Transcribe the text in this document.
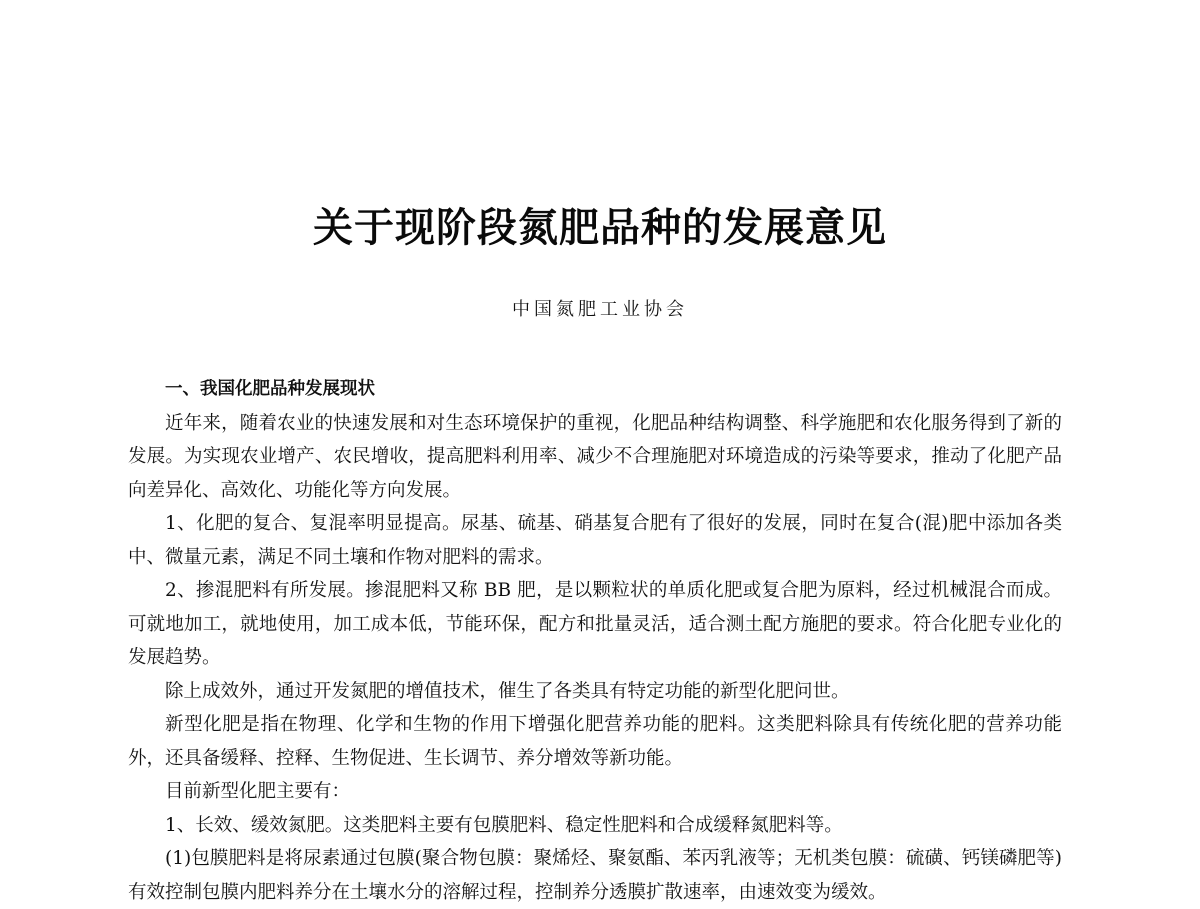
关于现阶段氮肥品种的发展意见
中国氮肥工业协会

一、我国化肥品种发展现状

近年来，随着农业的快速发展和对生态环境保护的重视，化肥品种结构调整、科学施肥和农化服务得到了新的发展。为实现农业增产、农民增收，提高肥料利用率、减少不合理施肥对环境造成的污染等要求，推动了化肥产品向差异化、高效化、功能化等方向发展。

1、化肥的复合、复混率明显提高。尿基、硫基、硝基复合肥有了很好的发展，同时在复合(混)肥中添加各类中、微量元素，满足不同土壤和作物对肥料的需求。

2、掺混肥料有所发展。掺混肥料又称 BB 肥，是以颗粒状的单质化肥或复合肥为原料，经过机械混合而成。可就地加工，就地使用，加工成本低，节能环保，配方和批量灵活，适合测土配方施肥的要求。符合化肥专业化的发展趋势。

除上成效外，通过开发氮肥的增值技术，催生了各类具有特定功能的新型化肥问世。

新型化肥是指在物理、化学和生物的作用下增强化肥营养功能的肥料。这类肥料除具有传统化肥的营养功能外，还具备缓释、控释、生物促进、生长调节、养分增效等新功能。

目前新型化肥主要有：

1、长效、缓效氮肥。这类肥料主要有包膜肥料、稳定性肥料和合成缓释氮肥料等。

(1)包膜肥料是将尿素通过包膜(聚合物包膜：聚烯烃、聚氨酯、苯丙乳液等；无机类包膜：硫磺、钙镁磷肥等)有效控制包膜内肥料养分在土壤水分的溶解过程，控制养分透膜扩散速率，由速效变为缓效。
